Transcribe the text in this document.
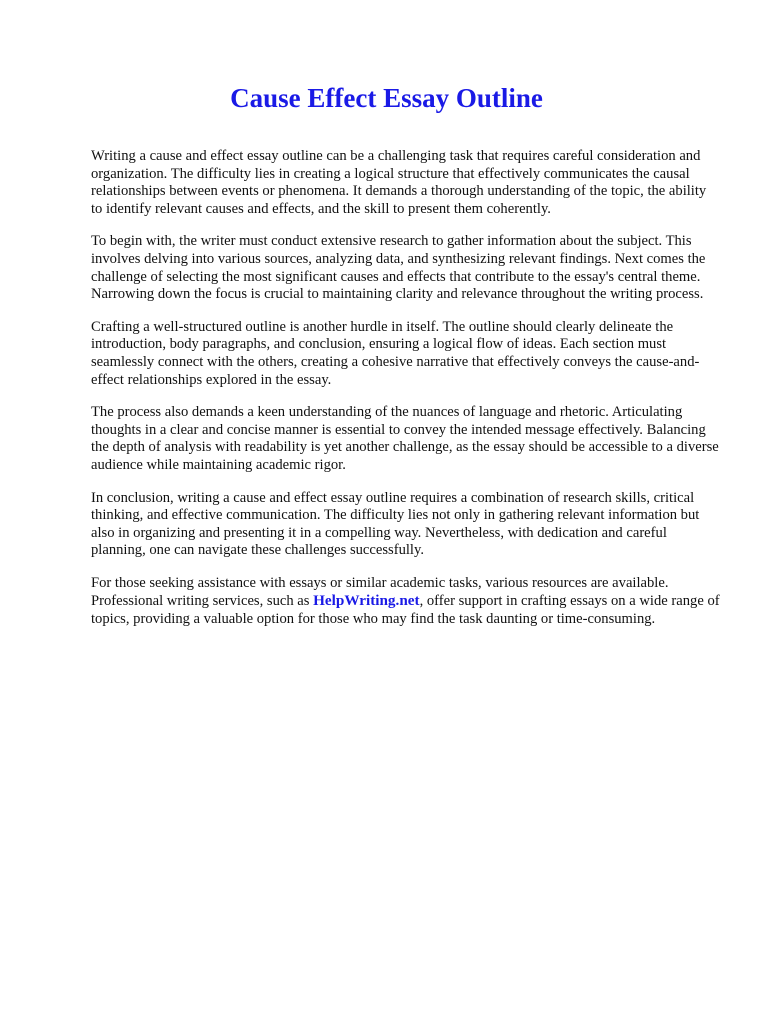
Cause Effect Essay Outline

Writing a cause and effect essay outline can be a challenging task that requires careful consideration and organization. The difficulty lies in creating a logical structure that effectively communicates the causal relationships between events or phenomena. It demands a thorough understanding of the topic, the ability to identify relevant causes and effects, and the skill to present them coherently.

To begin with, the writer must conduct extensive research to gather information about the subject. This involves delving into various sources, analyzing data, and synthesizing relevant findings. Next comes the challenge of selecting the most significant causes and effects that contribute to the essay's central theme. Narrowing down the focus is crucial to maintaining clarity and relevance throughout the writing process.

Crafting a well-structured outline is another hurdle in itself. The outline should clearly delineate the introduction, body paragraphs, and conclusion, ensuring a logical flow of ideas. Each section must seamlessly connect with the others, creating a cohesive narrative that effectively conveys the cause-and-effect relationships explored in the essay.

The process also demands a keen understanding of the nuances of language and rhetoric. Articulating thoughts in a clear and concise manner is essential to convey the intended message effectively. Balancing the depth of analysis with readability is yet another challenge, as the essay should be accessible to a diverse audience while maintaining academic rigor.

In conclusion, writing a cause and effect essay outline requires a combination of research skills, critical thinking, and effective communication. The difficulty lies not only in gathering relevant information but also in organizing and presenting it in a compelling way. Nevertheless, with dedication and careful planning, one can navigate these challenges successfully.

For those seeking assistance with essays or similar academic tasks, various resources are available. Professional writing services, such as HelpWriting.net, offer support in crafting essays on a wide range of topics, providing a valuable option for those who may find the task daunting or time-consuming.
